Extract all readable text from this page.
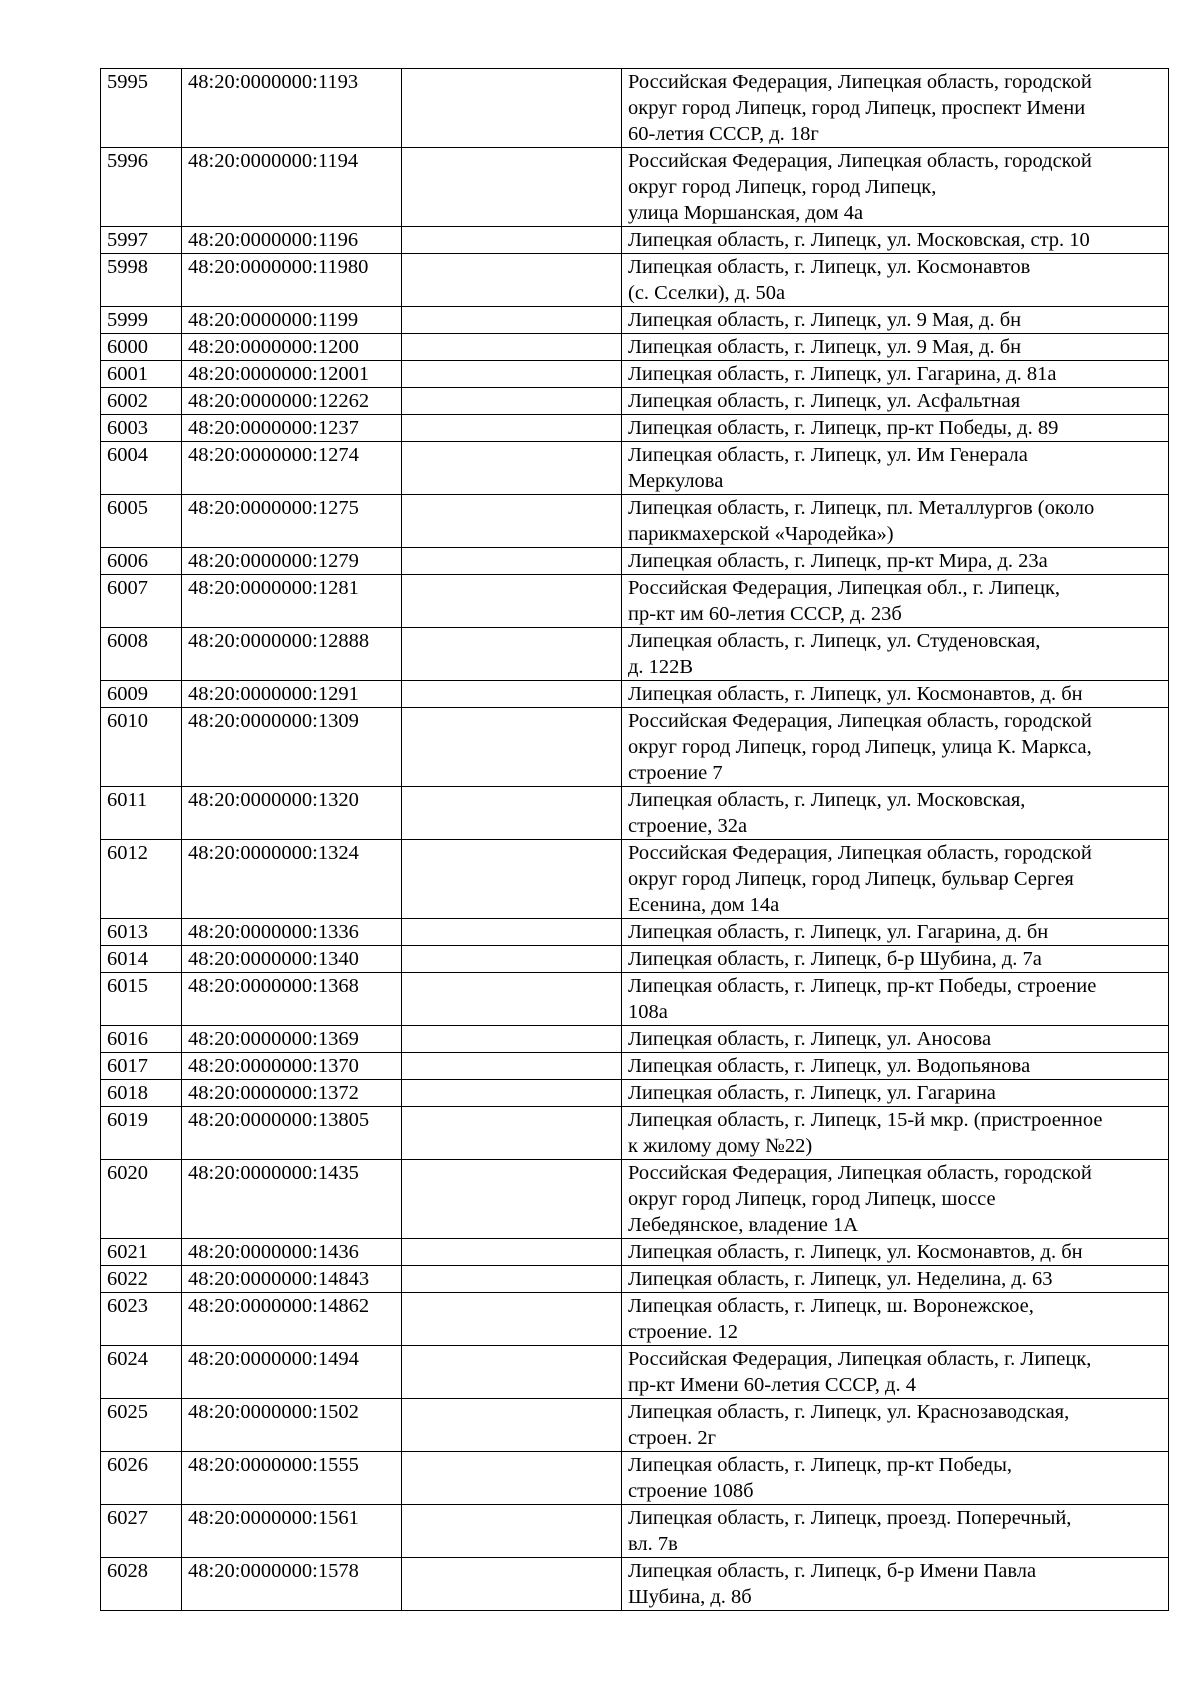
5995	48:20:0000000:1193		Российская Федерация, Липецкая область, городской
округ город Липецк, город Липецк, проспект Имени
60-летия СССР, д. 18г

5996	48:20:0000000:1194		Российская Федерация, Липецкая область, городской
округ город Липецк, город Липецк,
улица Моршанская, дом 4а

5997	48:20:0000000:1196		Липецкая область, г. Липецк, ул. Московская, стр. 10

5998	48:20:0000000:11980		Липецкая область, г. Липецк, ул. Космонавтов
(с. Сселки), д. 50а

5999	48:20:0000000:1199		Липецкая область, г. Липецк, ул. 9 Мая, д. бн

6000	48:20:0000000:1200		Липецкая область, г. Липецк, ул. 9 Мая, д. бн

6001	48:20:0000000:12001		Липецкая область, г. Липецк, ул. Гагарина, д. 81а

6002	48:20:0000000:12262		Липецкая область, г. Липецк, ул. Асфальтная

6003	48:20:0000000:1237		Липецкая область, г. Липецк, пр-кт Победы, д. 89

6004	48:20:0000000:1274		Липецкая область, г. Липецк, ул. Им Генерала
Меркулова

6005	48:20:0000000:1275		Липецкая область, г. Липецк, пл. Металлургов (около
парикмахерской «Чародейка»)

6006	48:20:0000000:1279		Липецкая область, г. Липецк, пр-кт Мира, д. 23а

6007	48:20:0000000:1281		Российская Федерация, Липецкая обл., г. Липецк,
пр-кт им 60-летия СССР, д. 23б

6008	48:20:0000000:12888		Липецкая область, г. Липецк, ул. Студеновская,
д. 122В

6009	48:20:0000000:1291		Липецкая область, г. Липецк, ул. Космонавтов, д. бн

6010	48:20:0000000:1309		Российская Федерация, Липецкая область, городской
округ город Липецк, город Липецк, улица К. Маркса,
строение 7

6011	48:20:0000000:1320		Липецкая область, г. Липецк, ул. Московская,
строение, 32а

6012	48:20:0000000:1324		Российская Федерация, Липецкая область, городской
округ город Липецк, город Липецк, бульвар Сергея
Есенина, дом 14а

6013	48:20:0000000:1336		Липецкая область, г. Липецк, ул. Гагарина, д. бн

6014	48:20:0000000:1340		Липецкая область, г. Липецк, б-р Шубина, д. 7а

6015	48:20:0000000:1368		Липецкая область, г. Липецк, пр-кт Победы, строение
108а

6016	48:20:0000000:1369		Липецкая область, г. Липецк, ул. Аносова

6017	48:20:0000000:1370		Липецкая область, г. Липецк, ул. Водопьянова

6018	48:20:0000000:1372		Липецкая область, г. Липецк, ул. Гагарина

6019	48:20:0000000:13805		Липецкая область, г. Липецк, 15-й мкр. (пристроенное
к жилому дому №22)

6020	48:20:0000000:1435		Российская Федерация, Липецкая область, городской
округ город Липецк, город Липецк, шоссе
Лебедянское, владение 1А

6021	48:20:0000000:1436		Липецкая область, г. Липецк, ул. Космонавтов, д. бн

6022	48:20:0000000:14843		Липецкая область, г. Липецк, ул. Неделина, д. 63

6023	48:20:0000000:14862		Липецкая область, г. Липецк, ш. Воронежское,
строение. 12

6024	48:20:0000000:1494		Российская Федерация, Липецкая область, г. Липецк,
пр-кт Имени 60-летия СССР, д. 4

6025	48:20:0000000:1502		Липецкая область, г. Липецк, ул. Краснозаводская,
строен. 2г

6026	48:20:0000000:1555		Липецкая область, г. Липецк, пр-кт Победы,
строение 108б

6027	48:20:0000000:1561		Липецкая область, г. Липецк, проезд. Поперечный,
вл. 7в

6028	48:20:0000000:1578		Липецкая область, г. Липецк, б-р Имени Павла
Шубина, д. 8б
